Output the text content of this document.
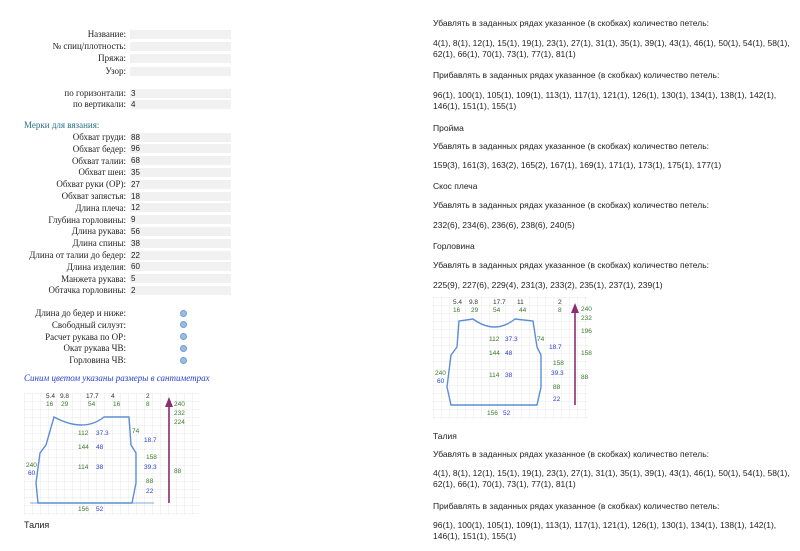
Название:
№ спиц/плотность:
Пряжа:
Узор:
по горизонтали:
3
по вертикали:
4
Мерки для вязания:
Обхват груди:
88
Обхват бедер:
96
Обхват талии:
68
Обхват шеи:
35
Обхват руки (ОР):
27
Обхват запястья:
18
Длина плеча:
12
Глубина горловины:
9
Длина рукава:
56
Длина спины:
38
Длина от талии до бедер:
22
Длина изделия:
60
Манжета рукава:
5
Обтачка горловины:
2
Длина до бедер и ниже:
Свободный силуэт:
Расчет рукава по ОР:
Окат рукава ЧВ:
Горловина ЧВ:
Синим цветом указаны размеры в сантиметрах
5.4 9.8	17.7 4
16 29	54	16
2
8	240
232
224
88
74
18.7
158
39.3
88
22
112 37.3
144 48
114 38
156 52
240
60
Талия

Убавлять в заданных рядах указанное (в скобках) количество петель:

4(1), 8(1), 12(1), 15(1), 19(1), 23(1), 27(1), 31(1), 35(1), 39(1), 43(1), 46(1), 50(1), 54(1), 58(1), 62(1), 66(1), 70(1), 73(1), 77(1), 81(1)

Прибавлять в заданных рядах указанное (в скобках) количество петель:

96(1), 100(1), 105(1), 109(1), 113(1), 117(1), 121(1), 126(1), 130(1), 134(1), 138(1), 142(1), 146(1), 151(1), 155(1)

Пройма

Убавлять в заданных рядах указанное (в скобках) количество петель:

159(3), 161(3), 163(2), 165(2), 167(1), 169(1), 171(1), 173(1), 175(1), 177(1)

Скос плеча

Убавлять в заданных рядах указанное (в скобках) количество петель:

232(6), 234(6), 236(6), 238(6), 240(5)

Горловина

Убавлять в заданных рядах указанное (в скобках) количество петель:

225(9), 227(6), 229(4), 231(3), 233(2), 235(1), 237(1), 239(1)

5.4 9.8 17.7 11	2
16 29 54	44	8	240
232
196
158
88
74
18.7
158
39.3
88
22
112 37.3
144 48
114 38
156 52
240
60

Талия

Убавлять в заданных рядах указанное (в скобках) количество петель:

4(1), 8(1), 12(1), 15(1), 19(1), 23(1), 27(1), 31(1), 35(1), 39(1), 43(1), 46(1), 50(1), 54(1), 58(1), 62(1), 66(1), 70(1), 73(1), 77(1), 81(1)

Прибавлять в заданных рядах указанное (в скобках) количество петель:

96(1), 100(1), 105(1), 109(1), 113(1), 117(1), 121(1), 126(1), 130(1), 134(1), 138(1), 142(1), 146(1), 151(1), 155(1)
